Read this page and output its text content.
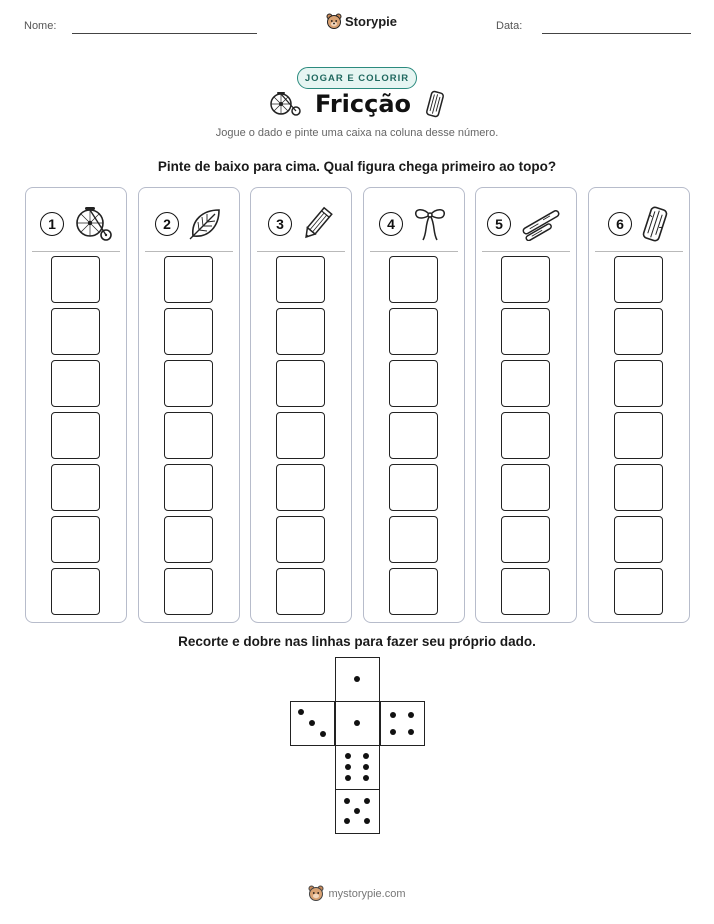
Nome:	Storypie	Data:
JOGAR E COLORIR
Fricção
Jogue o dado e pinte uma caixa na coluna desse número.
Pinte de baixo para cima. Qual figura chega primeiro ao topo?
1	2	3	4	5	6
Recorte e dobre nas linhas para fazer seu próprio dado.
mystorypie.com
